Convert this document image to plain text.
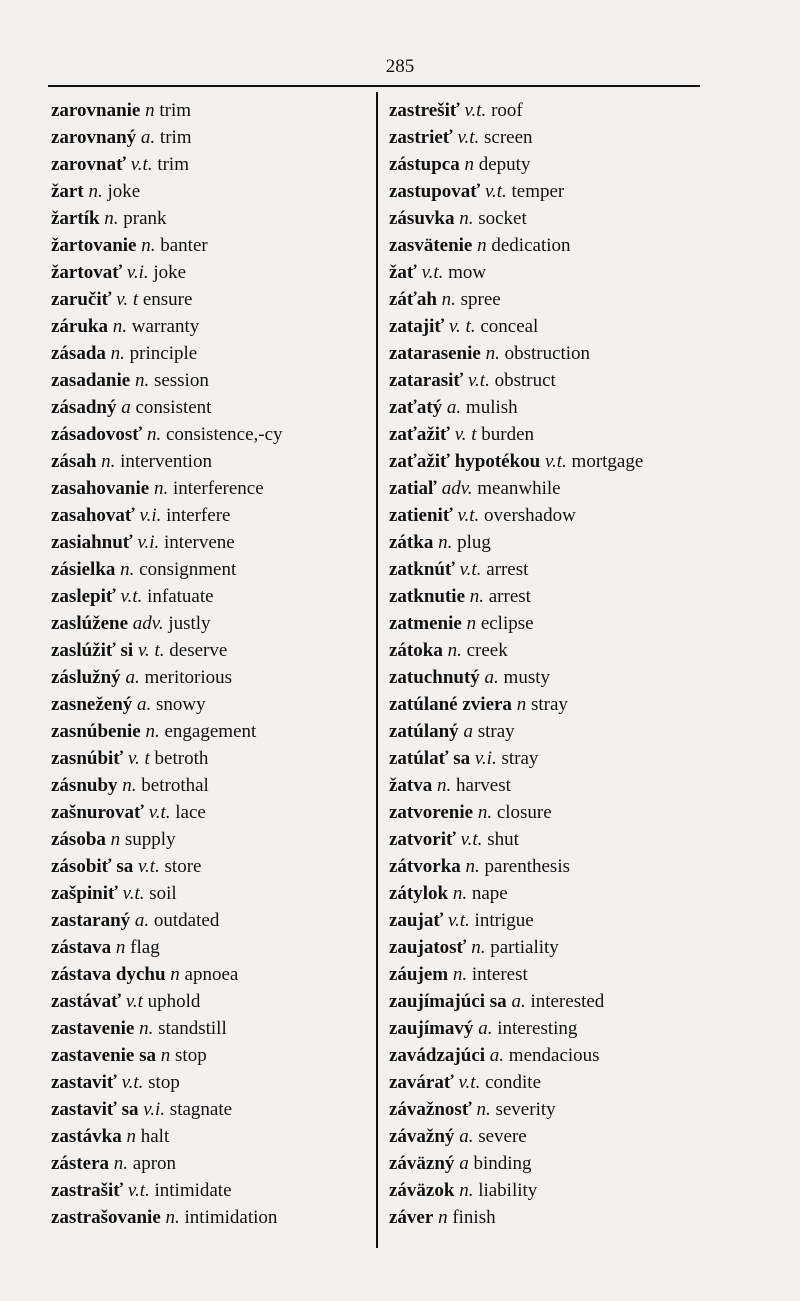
285
zarovnanie n trim
zarovnaný a. trim
zarovnať v.t. trim
žart n. joke
žartík n. prank
žartovanie n. banter
žartovať v.i. joke
zaručiť v. t ensure
záruka n. warranty
zásada n. principle
zasadanie n. session
zásadný a consistent
zásadovosť n. consistence,-cy
zásah n. intervention
zasahovanie n. interference
zasahovať v.i. interfere
zasiahnuť v.i. intervene
zásielka n. consignment
zaslepiť v.t. infatuate
zaslúžene adv. justly
zaslúžiť si v. t. deserve
záslužný a. meritorious
zasnežený a. snowy
zasnúbenie n. engagement
zasnúbiť v. t betroth
zásnuby n. betrothal
zašnurovať v.t. lace
zásoba n supply
zásobiť sa v.t. store
zašpiniť v.t. soil
zastaraný a. outdated
zástava n flag
zástava dychu n apnoea
zastávať v.t uphold
zastavenie n. standstill
zastavenie sa n stop
zastaviť v.t. stop
zastaviť sa v.i. stagnate
zastávka n halt
zástera n. apron
zastrašiť v.t. intimidate
zastrašovanie n. intimidation
zastrešiť v.t. roof
zastrieť v.t. screen
zástupca n deputy
zastupovať v.t. temper
zásuvka n. socket
zasvätenie n dedication
žať v.t. mow
záťah n. spree
zatajiť v. t. conceal
zatarasenie n. obstruction
zatarasiť v.t. obstruct
zaťatý a. mulish
zaťažiť v. t burden
zaťažiť hypotékou v.t. mortgage
zatiaľ adv. meanwhile
zatieniť v.t. overshadow
zátka n. plug
zatknúť v.t. arrest
zatknutie n. arrest
zatmenie n eclipse
zátoka n. creek
zatuchnutý a. musty
zatúlané zviera n stray
zatúlaný a stray
zatúlať sa v.i. stray
žatva n. harvest
zatvorenie n. closure
zatvoriť v.t. shut
zátvorka n. parenthesis
zátylok n. nape
zaujať v.t. intrigue
zaujatosť n. partiality
záujem n. interest
zaujímajúci sa a. interested
zaujímavý a. interesting
zavádzajúci a. mendacious
zavárať v.t. condite
závažnosť n. severity
závažný a. severe
záväzný a binding
záväzok n. liability
záver n finish
